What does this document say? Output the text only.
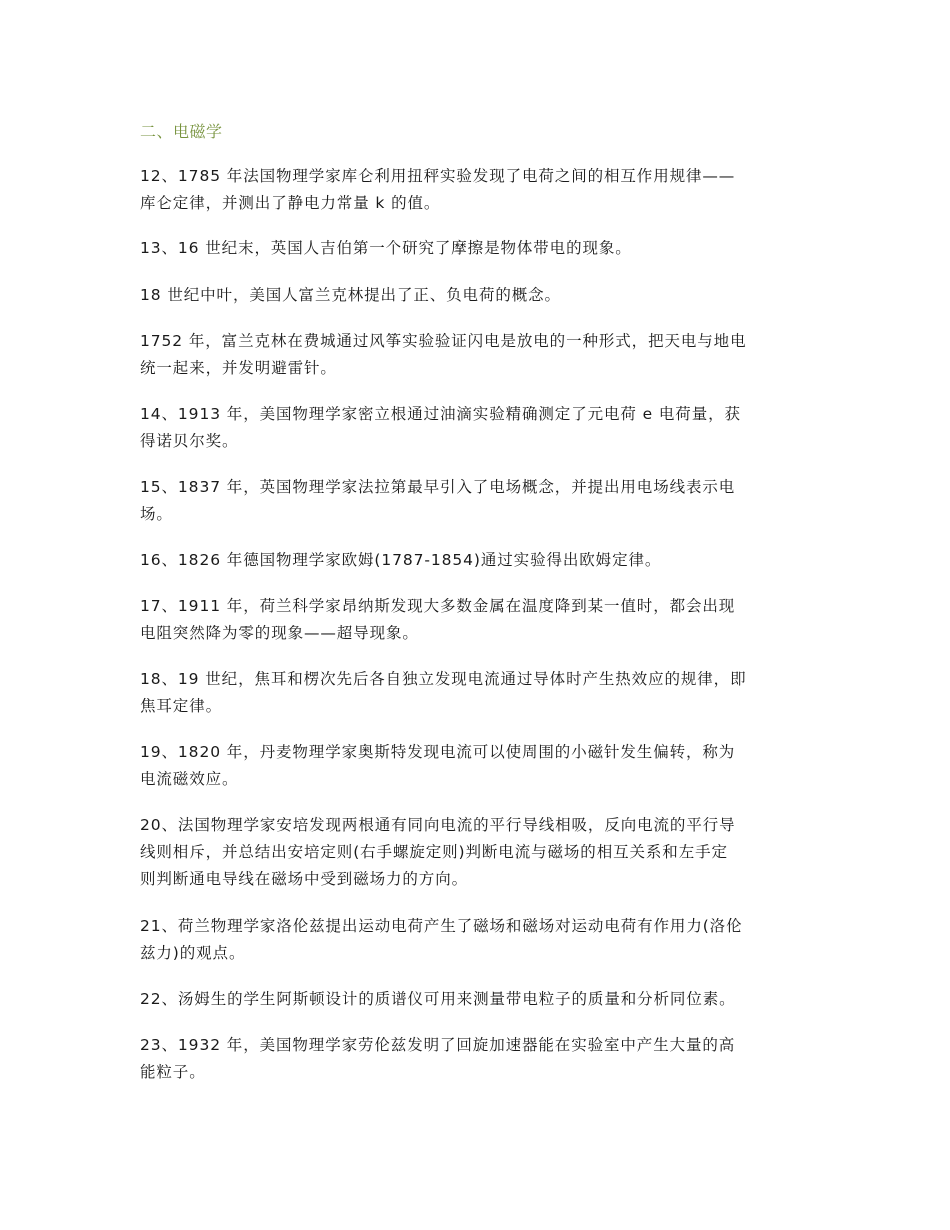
二、电磁学

12、1785 年法国物理学家库仑利用扭秤实验发现了电荷之间的相互作用规律——
库仑定律，并测出了静电力常量 k 的值。

13、16 世纪末，英国人吉伯第一个研究了摩擦是物体带电的现象。

18 世纪中叶，美国人富兰克林提出了正、负电荷的概念。

1752 年，富兰克林在费城通过风筝实验验证闪电是放电的一种形式，把天电与地电
统一起来，并发明避雷针。

14、1913 年，美国物理学家密立根通过油滴实验精确测定了元电荷 e 电荷量，获
得诺贝尔奖。

15、1837 年，英国物理学家法拉第最早引入了电场概念，并提出用电场线表示电
场。

16、1826 年德国物理学家欧姆(1787-1854)通过实验得出欧姆定律。

17、1911 年，荷兰科学家昂纳斯发现大多数金属在温度降到某一值时，都会出现
电阻突然降为零的现象——超导现象。

18、19 世纪，焦耳和楞次先后各自独立发现电流通过导体时产生热效应的规律，即
焦耳定律。

19、1820 年，丹麦物理学家奥斯特发现电流可以使周围的小磁针发生偏转，称为
电流磁效应。

20、法国物理学家安培发现两根通有同向电流的平行导线相吸，反向电流的平行导
线则相斥，并总结出安培定则(右手螺旋定则)判断电流与磁场的相互关系和左手定
则判断通电导线在磁场中受到磁场力的方向。

21、荷兰物理学家洛伦兹提出运动电荷产生了磁场和磁场对运动电荷有作用力(洛伦
兹力)的观点。

22、汤姆生的学生阿斯顿设计的质谱仪可用来测量带电粒子的质量和分析同位素。

23、1932 年，美国物理学家劳伦兹发明了回旋加速器能在实验室中产生大量的高
能粒子。
